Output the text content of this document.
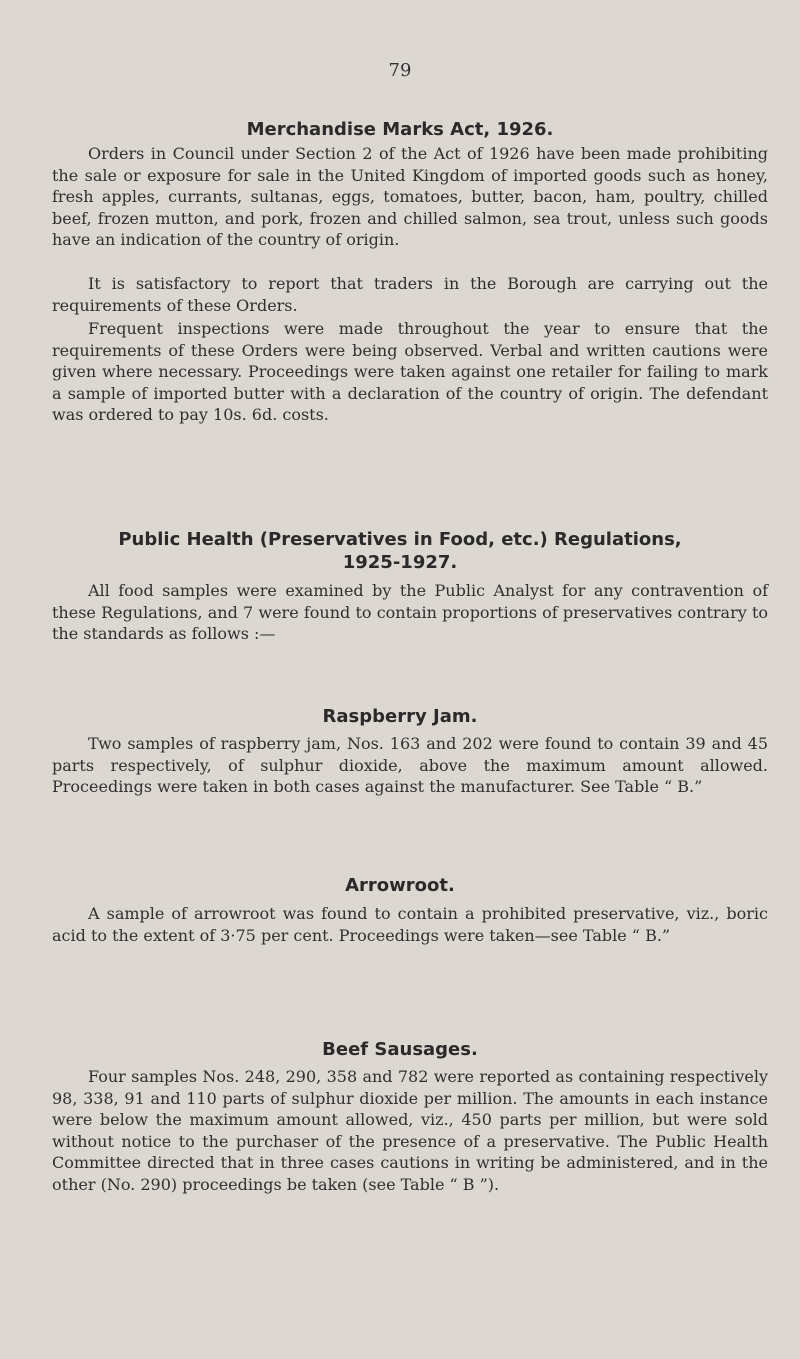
79
Merchandise Marks Act, 1926.

Orders in Council under Section 2 of the Act of 1926 have been made prohibiting the sale or exposure for sale in the United Kingdom of imported goods such as honey, fresh apples, currants, sultanas, eggs, tomatoes, butter, bacon, ham, poultry, chilled beef, frozen mutton, and pork, frozen and chilled salmon, sea trout, unless such goods have an indication of the country of origin.

It is satisfactory to report that traders in the Borough are carrying out the requirements of these Orders.

Frequent inspections were made throughout the year to ensure that the requirements of these Orders were being observed. Verbal and written cautions were given where necessary. Proceedings were taken against one retailer for failing to mark a sample of imported butter with a declaration of the country of origin. The defendant was ordered to pay 10s. 6d. costs.

Public Health (Preservatives in Food, etc.) Regulations,
1925-1927.

All food samples were examined by the Public Analyst for any contravention of these Regulations, and 7 were found to contain proportions of preservatives contrary to the standards as follows :—

Raspberry Jam.

Two samples of raspberry jam, Nos. 163 and 202 were found to contain 39 and 45 parts respectively, of sulphur dioxide, above the maximum amount allowed. Proceedings were taken in both cases against the manufacturer. See Table “ B.”

Arrowroot.

A sample of arrowroot was found to contain a prohibited preservative, viz., boric acid to the extent of 3·75 per cent. Proceedings were taken—see Table “ B.”

Beef Sausages.

Four samples Nos. 248, 290, 358 and 782 were reported as containing respectively 98, 338, 91 and 110 parts of sulphur dioxide per million. The amounts in each instance were below the maximum amount allowed, viz., 450 parts per million, but were sold without notice to the purchaser of the presence of a preservative. The Public Health Committee directed that in three cases cautions in writing be administered, and in the other (No. 290) proceedings be taken (see Table “ B ”).
